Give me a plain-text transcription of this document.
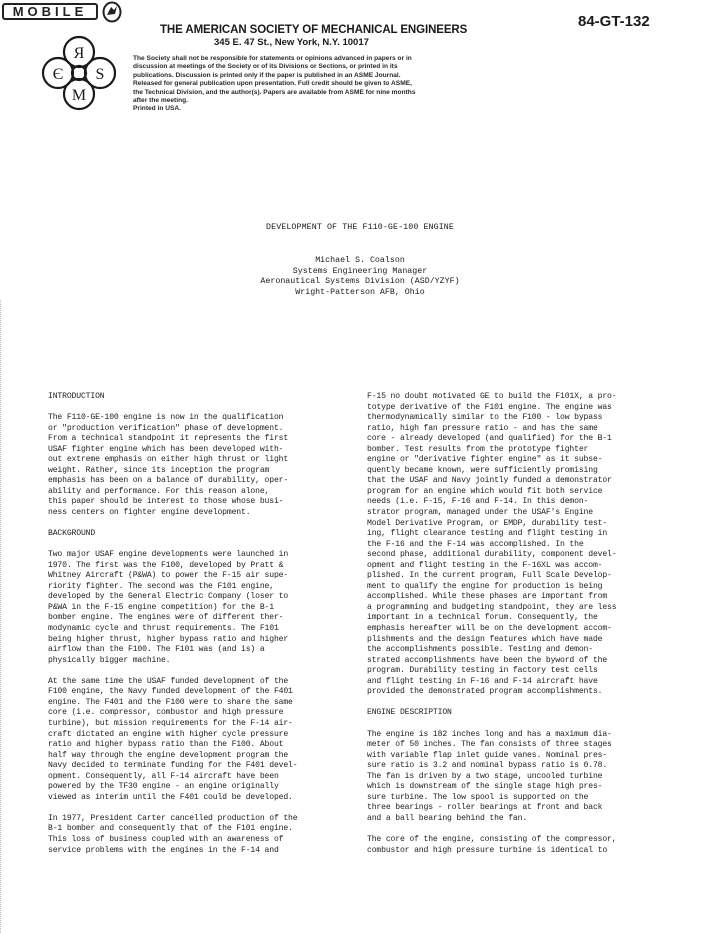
MOBILE
THE AMERICAN SOCIETY OF MECHANICAL ENGINEERS
345 E. 47 St., New York, N.Y. 10017
84-GT-132
Я
Є S
M
The Society shall not be responsible for statements or opinions advanced in papers or in
discussion at meetings of the Society or of its Divisions or Sections, or printed in its
publications. Discussion is printed only if the paper is published in an ASME Journal.
Released for general publication upon presentation. Full credit should be given to ASME,
the Technical Division, and the author(s). Papers are available from ASME for nine months
after the meeting.
Printed in USA.
DEVELOPMENT OF THE F110-GE-100 ENGINE
Michael S. Coalson
Systems Engineering Manager
Aeronautical Systems Division (ASD/YZYF)
Wright-Patterson AFB, Ohio
INTRODUCTION
The F110-GE-100 engine is now in the qualification
or "production verification" phase of development.
From a technical standpoint it represents the first
USAF fighter engine which has been developed with-
out extreme emphasis on either high thrust or light
weight. Rather, since its inception the program
emphasis has been on a balance of durability, oper-
ability and performance. For this reason alone,
this paper should be interest to those whose busi-
ness centers on fighter engine development.
BACKGROUND
Two major USAF engine developments were launched in
1970. The first was the F100, developed by Pratt &
Whitney Aircraft (P&WA) to power the F-15 air supe-
riority fighter. The second was the F101 engine,
developed by the General Electric Company (loser to
P&WA in the F-15 engine competition) for the B-1
bomber engine. The engines were of different ther-
modynamic cycle and thrust requirements. The F101
being higher thrust, higher bypass ratio and higher
airflow than the F100. The F101 was (and is) a
physically bigger machine.
At the same time the USAF funded development of the
F100 engine, the Navy funded development of the F401
engine. The F401 and the F100 were to share the same
core (i.e. compressor, combustor and high pressure
turbine), but mission requirements for the F-14 air-
craft dictated an engine with higher cycle pressure
ratio and higher bypass ratio than the F100. About
half way through the engine development program the
Navy decided to terminate funding for the F401 devel-
opment. Consequently, all F-14 aircraft have been
powered by the TF30 engine - an engine originally
viewed as interim until the F401 could be developed.
In 1977, President Carter cancelled production of the
B-1 bomber and consequently that of the F101 engine.
This loss of business coupled with an awareness of
service problems with the engines in the F-14 and
F-15 no doubt motivated GE to build the F101X, a pro-
totype derivative of the F101 engine. The engine was
thermodynamically similar to the F100 - low bypass
ratio, high fan pressure ratio - and has the same
core - already developed (and qualified) for the B-1
bomber. Test results from the prototype fighter
engine or "derivative fighter engine" as it subse-
quently became known, were sufficiently promising
that the USAF and Navy jointly funded a demonstrator
program for an engine which would fit both service
needs (i.e. F-15, F-16 and F-14. In this demon-
strator program, managed under the USAF's Engine
Model Derivative Program, or EMDP, durability test-
ing, flight clearance testing and flight testing in
the F-16 and the F-14 was accomplished. In the
second phase, additional durability, component devel-
opment and flight testing in the F-16XL was accom-
plished. In the current program, Full Scale Develop-
ment to qualify the engine for production is being
accomplished. While these phases are important from
a programming and budgeting standpoint, they are less
important in a technical forum. Consequently, the
emphasis hereafter will be on the development accom-
plishments and the design features which have made
the accomplishments possible. Testing and demon-
strated accomplishments have been the byword of the
program. Durability testing in factory test cells
and flight testing in F-16 and F-14 aircraft have
provided the demonstrated program accomplishments.
ENGINE DESCRIPTION
The engine is 182 inches long and has a maximum dia-
meter of 50 inches. The fan consists of three stages
with variable flap inlet guide vanes. Nominal pres-
sure ratio is 3.2 and nominal bypass ratio is 0.78.
The fan is driven by a two stage, uncooled turbine
which is downstream of the single stage high pres-
sure turbine. The low spool is supported on the
three bearings - roller bearings at front and back
and a ball bearing behind the fan.
The core of the engine, consisting of the compressor,
combustor and high pressure turbine is identical to
